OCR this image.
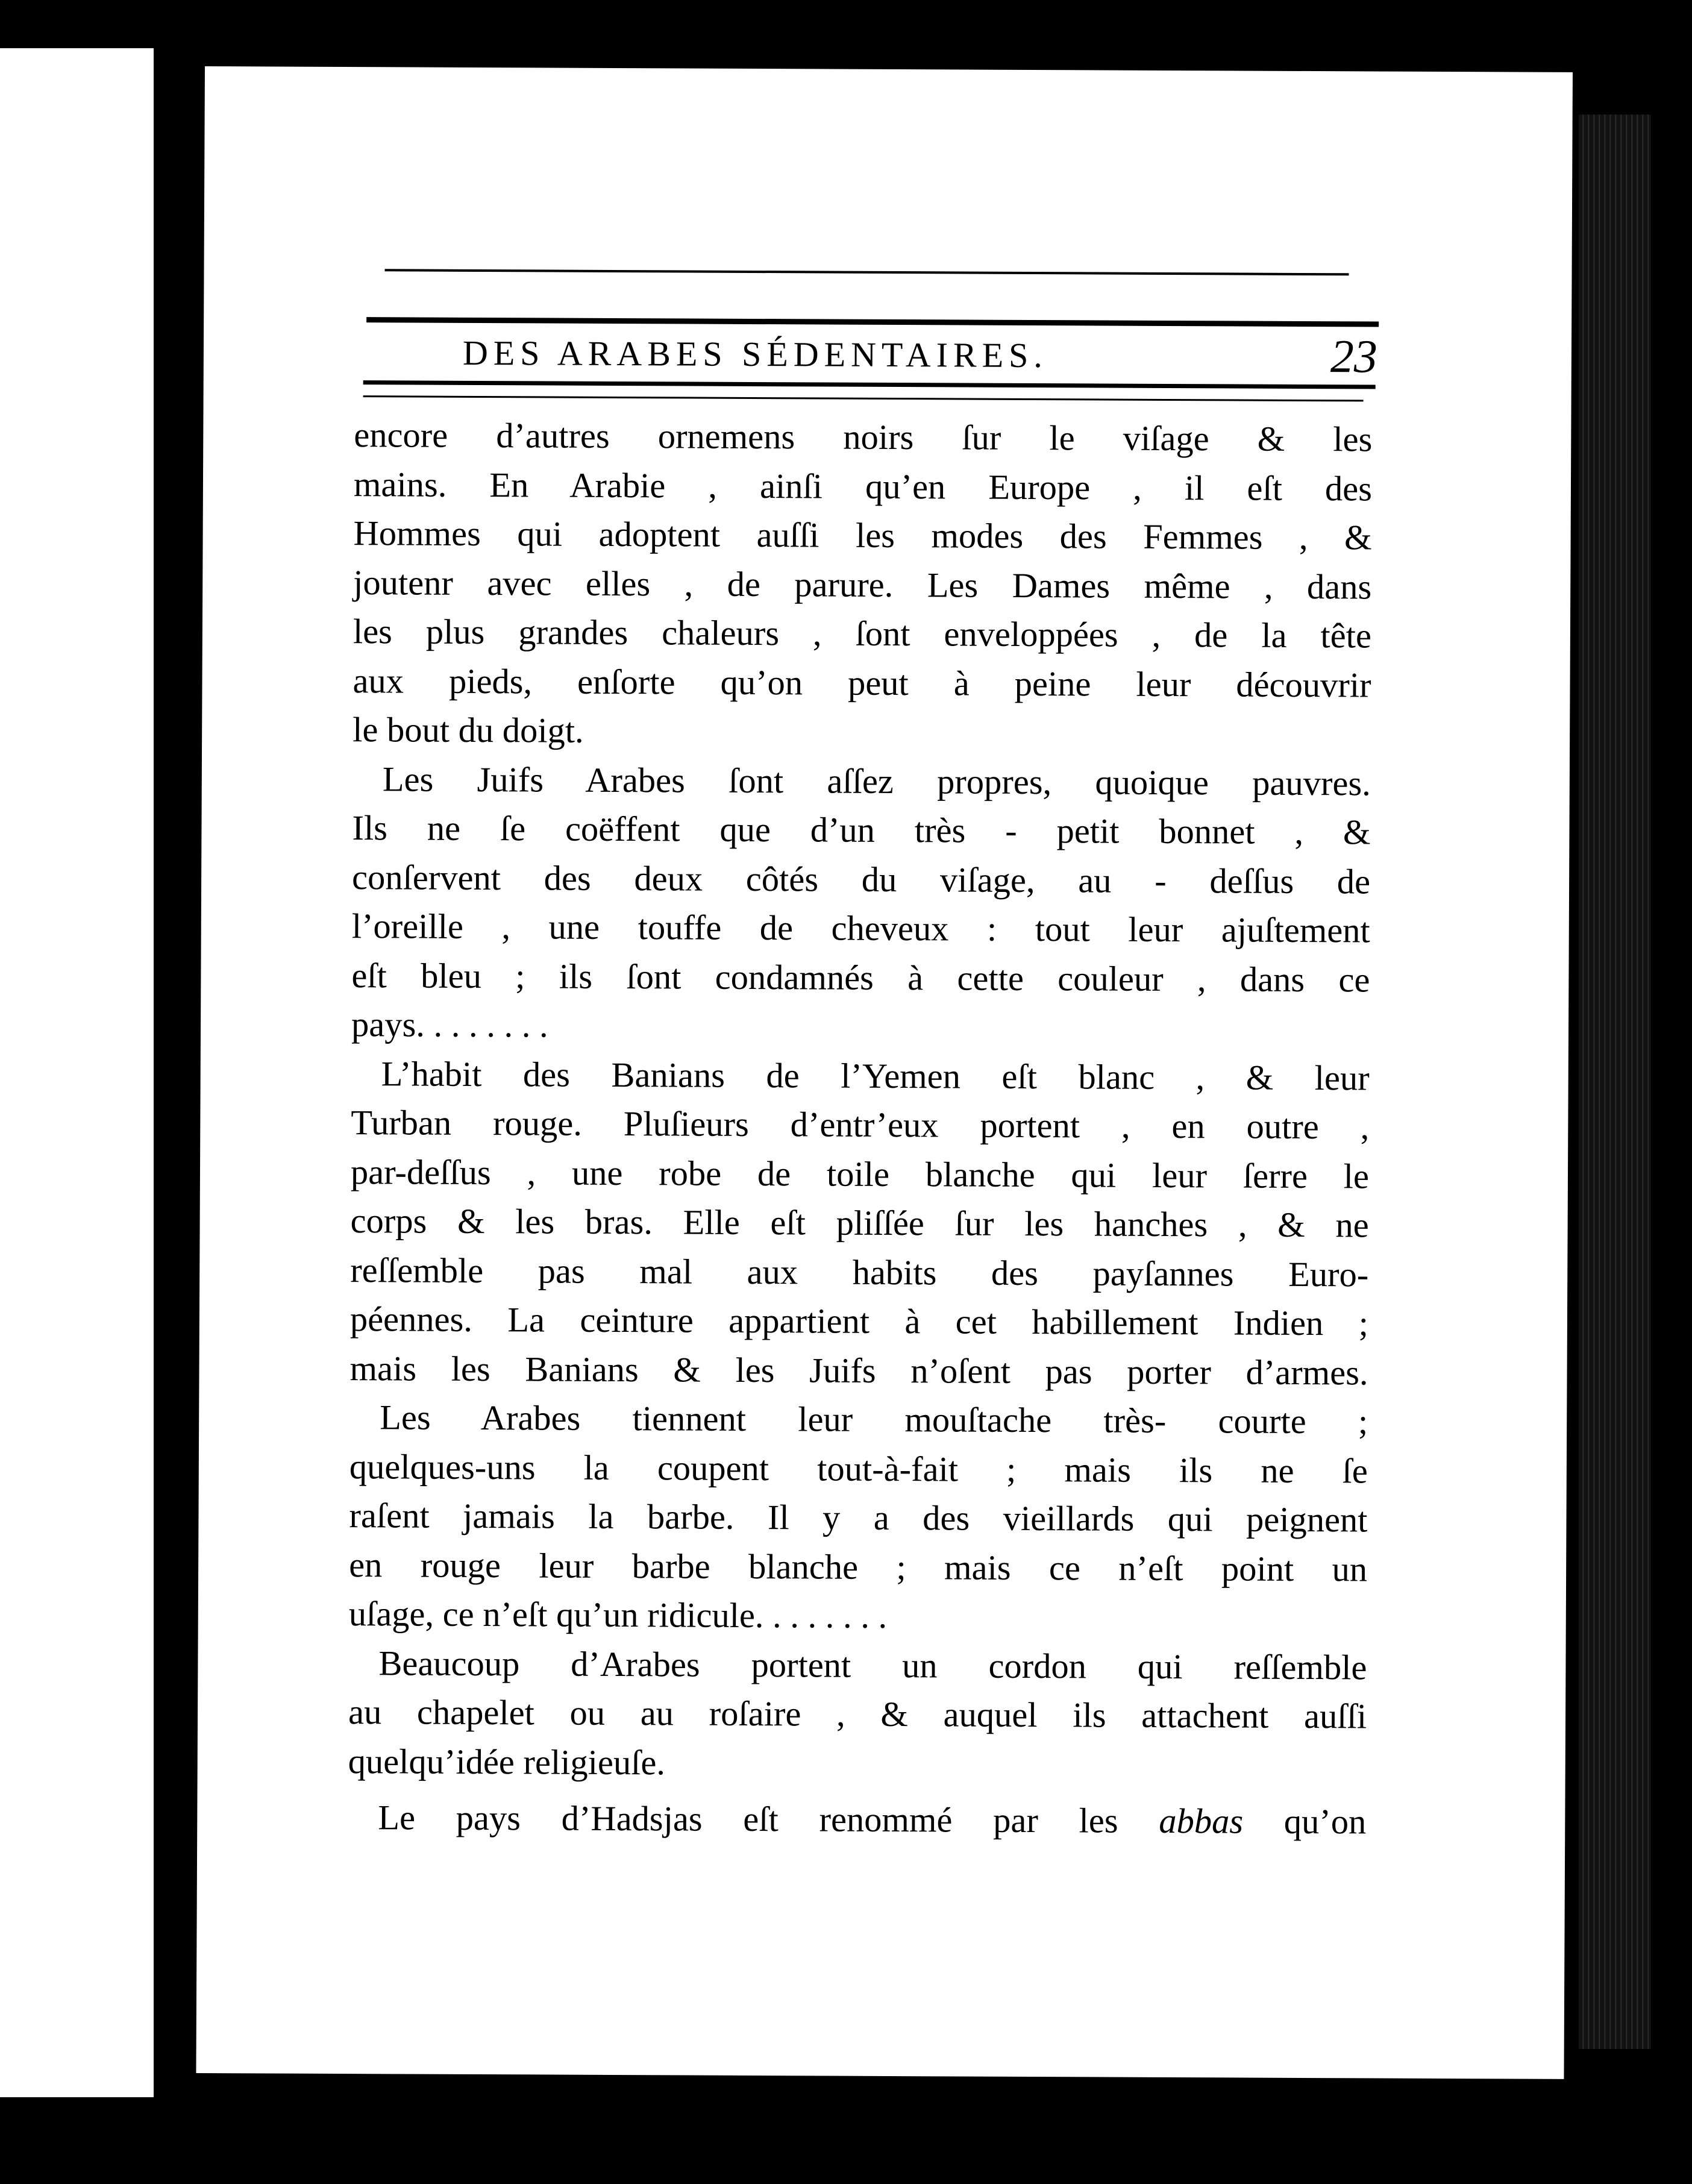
DES ARABES SÉDENTAIRES.	23
encore d’autres ornemens noirs ſur le viſage & les
mains. En Arabie , ainſi qu’en Europe , il eſt des
Hommes qui adoptent auſſi les modes des Femmes , &
joutenr avec elles , de parure. Les Dames même , dans
les plus grandes chaleurs , ſont enveloppées , de la tête
aux pieds, enſorte qu’on peut à peine leur découvrir
le bout du doigt.
Les Juifs Arabes ſont aſſez propres, quoique pauvres.
Ils ne ſe coëffent que d’un très - petit bonnet , &
conſervent des deux côtés du viſage, au - deſſus de
l’oreille , une touffe de cheveux : tout leur ajuſtement
eſt bleu ; ils ſont condamnés à cette couleur , dans ce
pays. . . . . . . .
L’habit des Banians de l’Yemen eſt blanc , & leur
Turban rouge. Pluſieurs d’entr’eux portent , en outre ,
par-deſſus , une robe de toile blanche qui leur ſerre le
corps & les bras. Elle eſt pliſſée ſur les hanches , & ne
reſſemble pas mal aux habits des payſannes Euro-
péennes. La ceinture appartient à cet habillement Indien ;
mais les Banians & les Juifs n’oſent pas porter d’armes.
Les Arabes tiennent leur mouſtache très- courte ;
quelques-uns la coupent tout-à-fait ; mais ils ne ſe
raſent jamais la barbe. Il y a des vieillards qui peignent
en rouge leur barbe blanche ; mais ce n’eſt point un
uſage, ce n’eſt qu’un ridicule. . . . . . . .
Beaucoup d’Arabes portent un cordon qui reſſemble
au chapelet ou au roſaire , & auquel ils attachent auſſi
quelqu’idée religieuſe.
Le pays d’Hadsjas eſt renommé par les abbas qu’on
